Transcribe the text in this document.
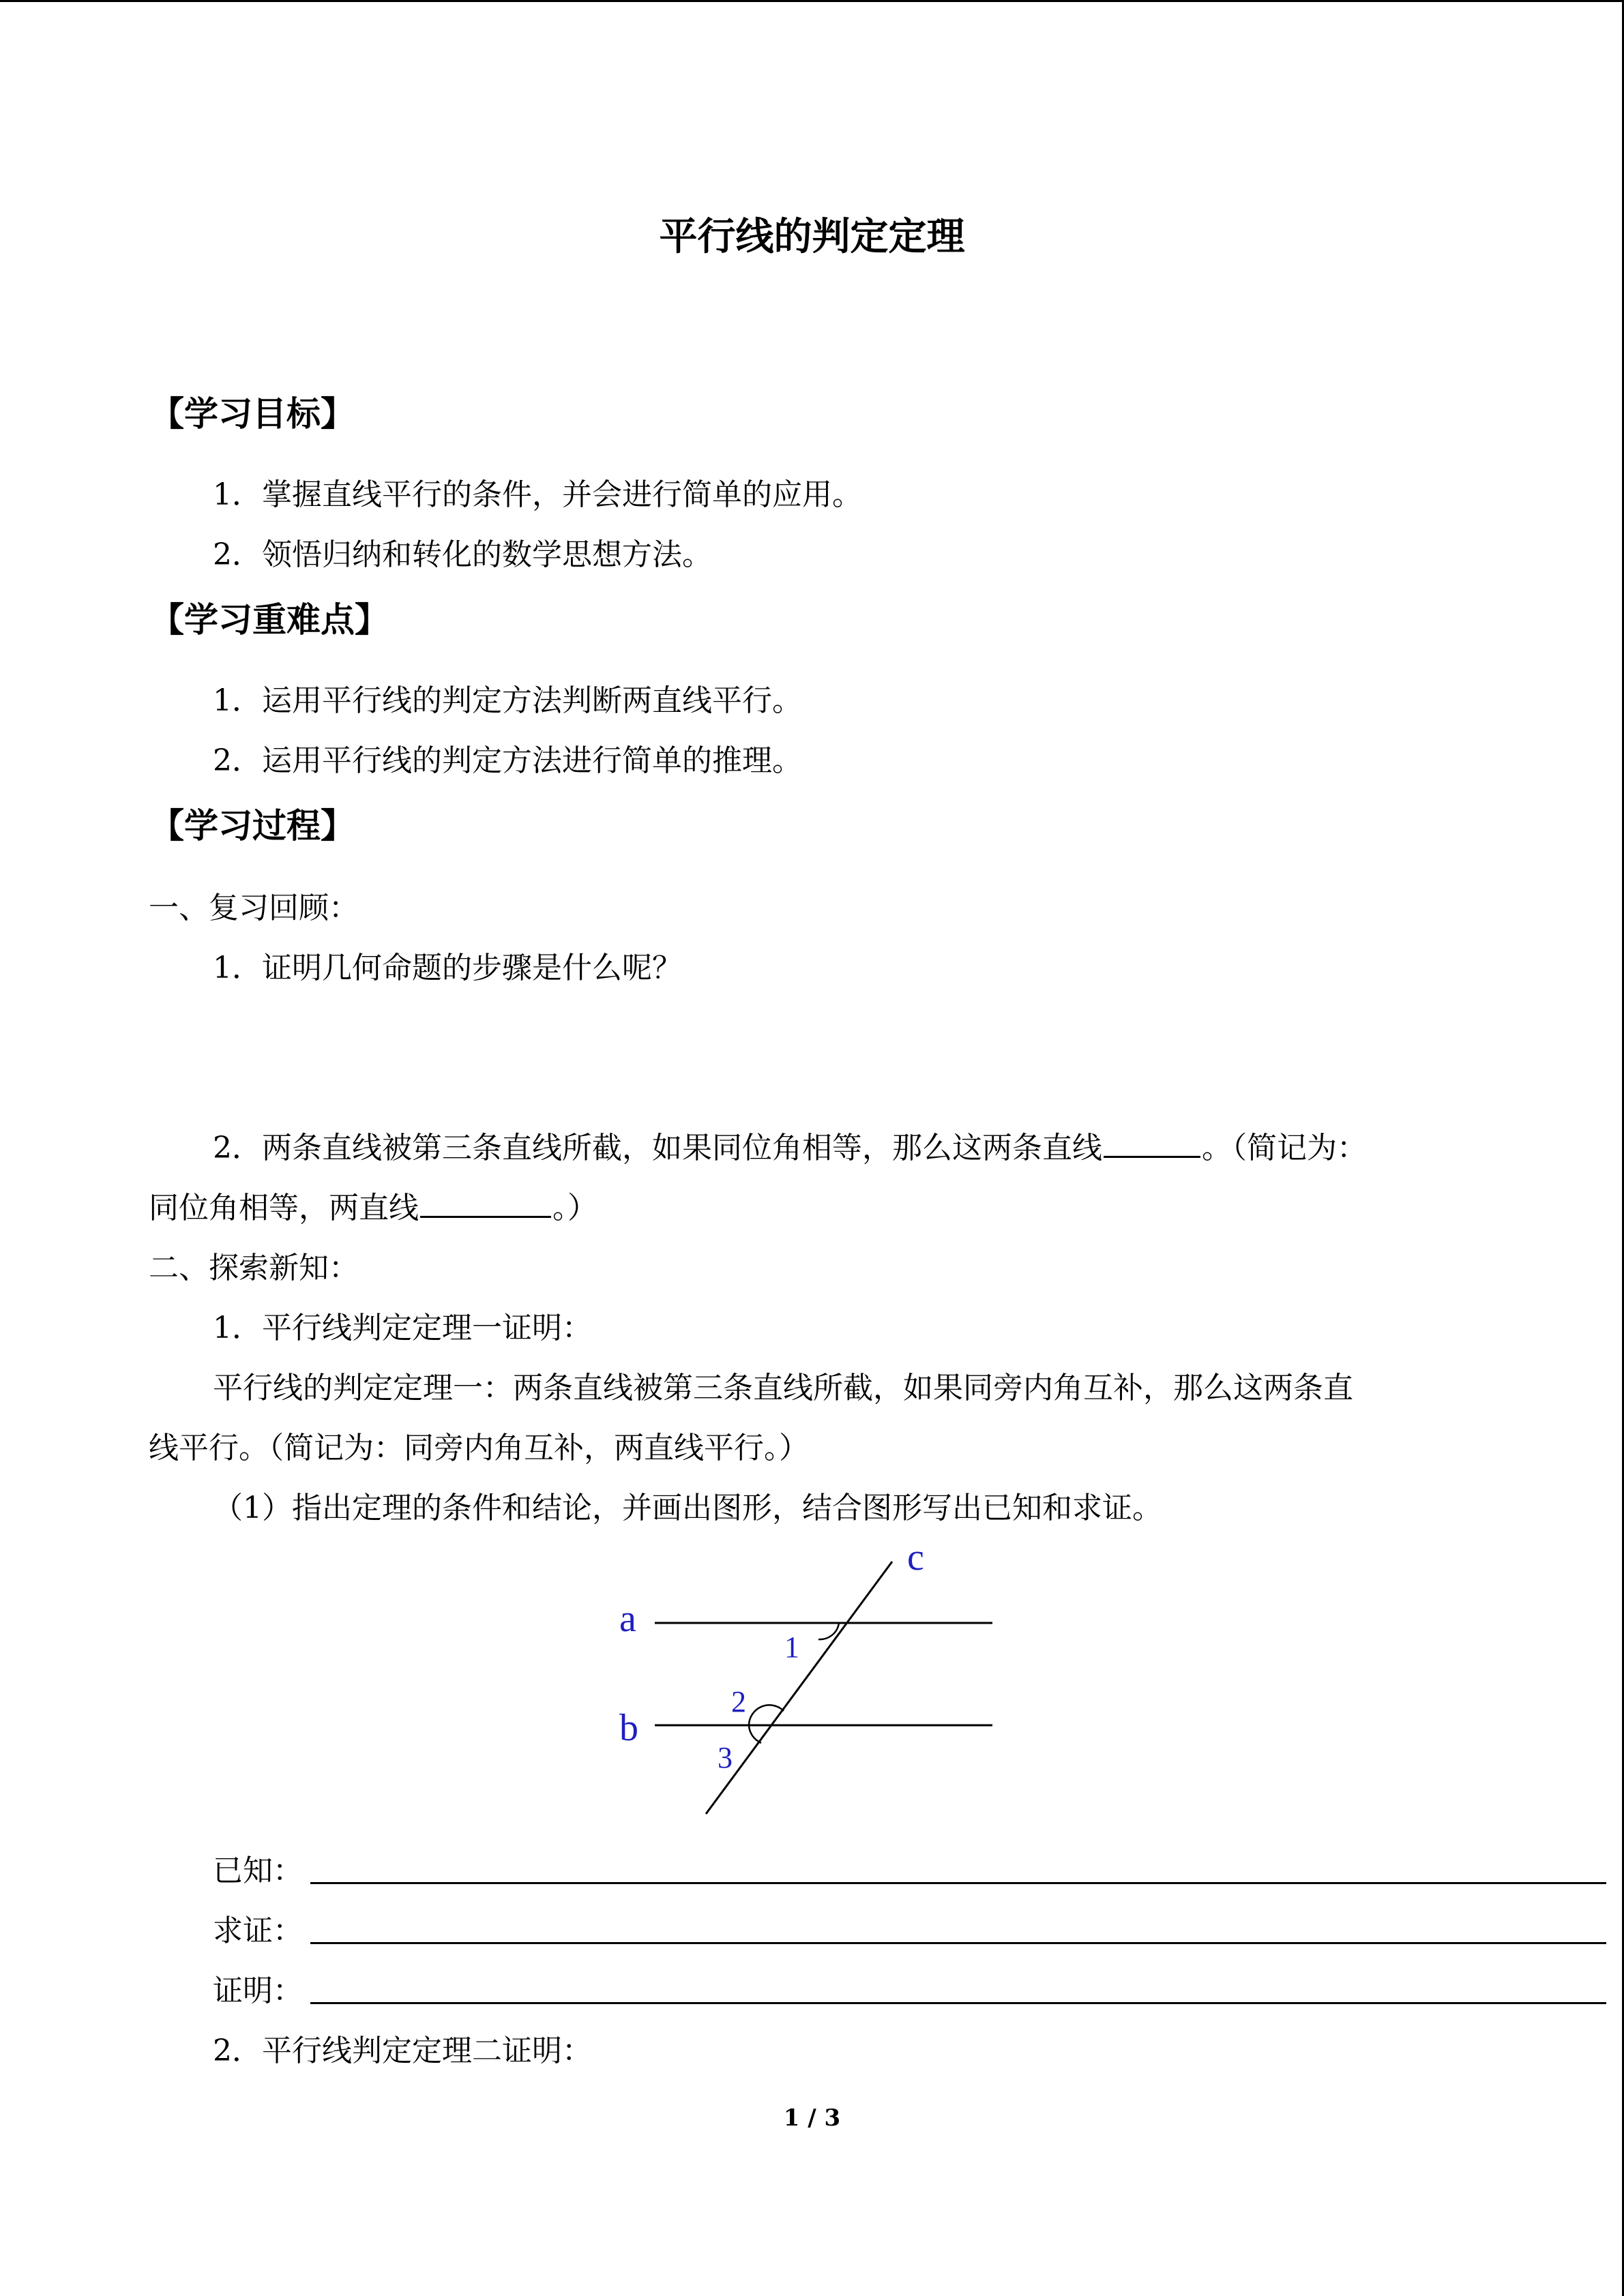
平行线的判定定理
【学习目标】
1．掌握直线平行的条件，并会进行简单的应用。
2．领悟归纳和转化的数学思想方法。
【学习重难点】
1．运用平行线的判定方法判断两直线平行。
2．运用平行线的判定方法进行简单的推理。
【学习过程】
一、复习回顾：
1．证明几何命题的步骤是什么呢？
2．两条直线被第三条直线所截，如果同位角相等，那么这两条直线	。（简记为：
同位角相等，两直线	。）
二、探索新知：
1．平行线判定定理一证明：
平行线的判定定理一：两条直线被第三条直线所截，如果同旁内角互补，那么这两条直
线平行。（简记为：同旁内角互补，两直线平行。）
（1）指出定理的条件和结论，并画出图形，结合图形写出已知和求证。
a
b
c
1
2
3
已知：
求证：
证明：
2．平行线判定定理二证明：
1 / 3
